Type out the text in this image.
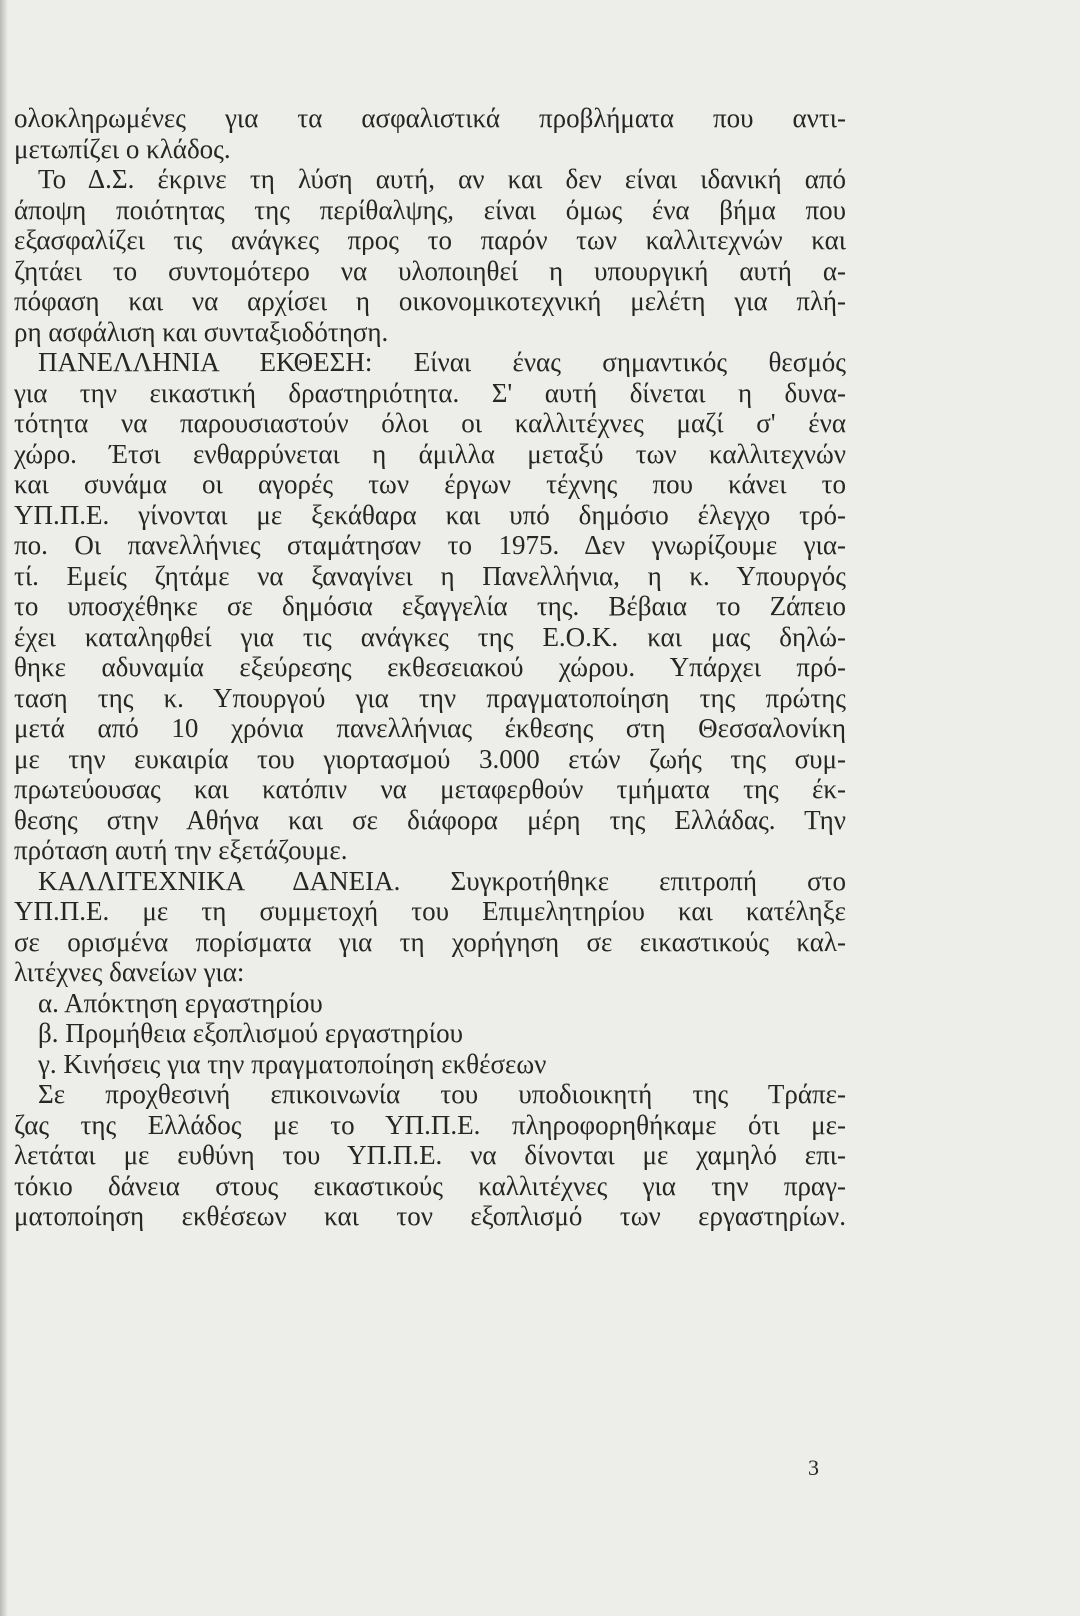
ολοκληρωμένες για τα ασφαλιστικά προβλήματα που αντι-
μετωπίζει ο κλάδος.
Το Δ.Σ. έκρινε τη λύση αυτή, αν και δεν είναι ιδανική από
άποψη ποιότητας της περίθαλψης, είναι όμως ένα βήμα που
εξασφαλίζει τις ανάγκες προς το παρόν των καλλιτεχνών και
ζητάει το συντομότερο να υλοποιηθεί η υπουργική αυτή α-
πόφαση και να αρχίσει η οικονομικοτεχνική μελέτη για πλή-
ρη ασφάλιση και συνταξιοδότηση.
ΠΑΝΕΛΛΗΝΙΑ ΕΚΘΕΣΗ: Είναι ένας σημαντικός θεσμός
για την εικαστική δραστηριότητα. Σ' αυτή δίνεται η δυνα-
τότητα να παρουσιαστούν όλοι οι καλλιτέχνες μαζί σ' ένα
χώρο. Έτσι ενθαρρύνεται η άμιλλα μεταξύ των καλλιτεχνών
και συνάμα οι αγορές των έργων τέχνης που κάνει το
ΥΠ.Π.Ε. γίνονται με ξεκάθαρα και υπό δημόσιο έλεγχο τρό-
πο. Οι πανελλήνιες σταμάτησαν το 1975. Δεν γνωρίζουμε για-
τί. Εμείς ζητάμε να ξαναγίνει η Πανελλήνια, η κ. Υπουργός
το υποσχέθηκε σε δημόσια εξαγγελία της. Βέβαια το Ζάπειο
έχει καταληφθεί για τις ανάγκες της Ε.Ο.Κ. και μας δηλώ-
θηκε αδυναμία εξεύρεσης εκθεσειακού χώρου. Υπάρχει πρό-
ταση της κ. Υπουργού για την πραγματοποίηση της πρώτης
μετά από 10 χρόνια πανελλήνιας έκθεσης στη Θεσσαλονίκη
με την ευκαιρία του γιορτασμού 3.000 ετών ζωής της συμ-
πρωτεύουσας και κατόπιν να μεταφερθούν τμήματα της έκ-
θεσης στην Αθήνα και σε διάφορα μέρη της Ελλάδας. Την
πρόταση αυτή την εξετάζουμε.
ΚΑΛΛΙΤΕΧΝΙΚΑ ΔΑΝΕΙΑ. Συγκροτήθηκε επιτροπή στο
ΥΠ.Π.Ε. με τη συμμετοχή του Επιμελητηρίου και κατέληξε
σε ορισμένα πορίσματα για τη χορήγηση σε εικαστικούς καλ-
λιτέχνες δανείων για:
α. Απόκτηση εργαστηρίου
β. Προμήθεια εξοπλισμού εργαστηρίου
γ. Κινήσεις για την πραγματοποίηση εκθέσεων
Σε προχθεσινή επικοινωνία του υποδιοικητή της Τράπε-
ζας της Ελλάδος με το ΥΠ.Π.Ε. πληροφορηθήκαμε ότι με-
λετάται με ευθύνη του ΥΠ.Π.Ε. να δίνονται με χαμηλό επι-
τόκιο δάνεια στους εικαστικούς καλλιτέχνες για την πραγ-
ματοποίηση εκθέσεων και τον εξοπλισμό των εργαστηρίων.
3
